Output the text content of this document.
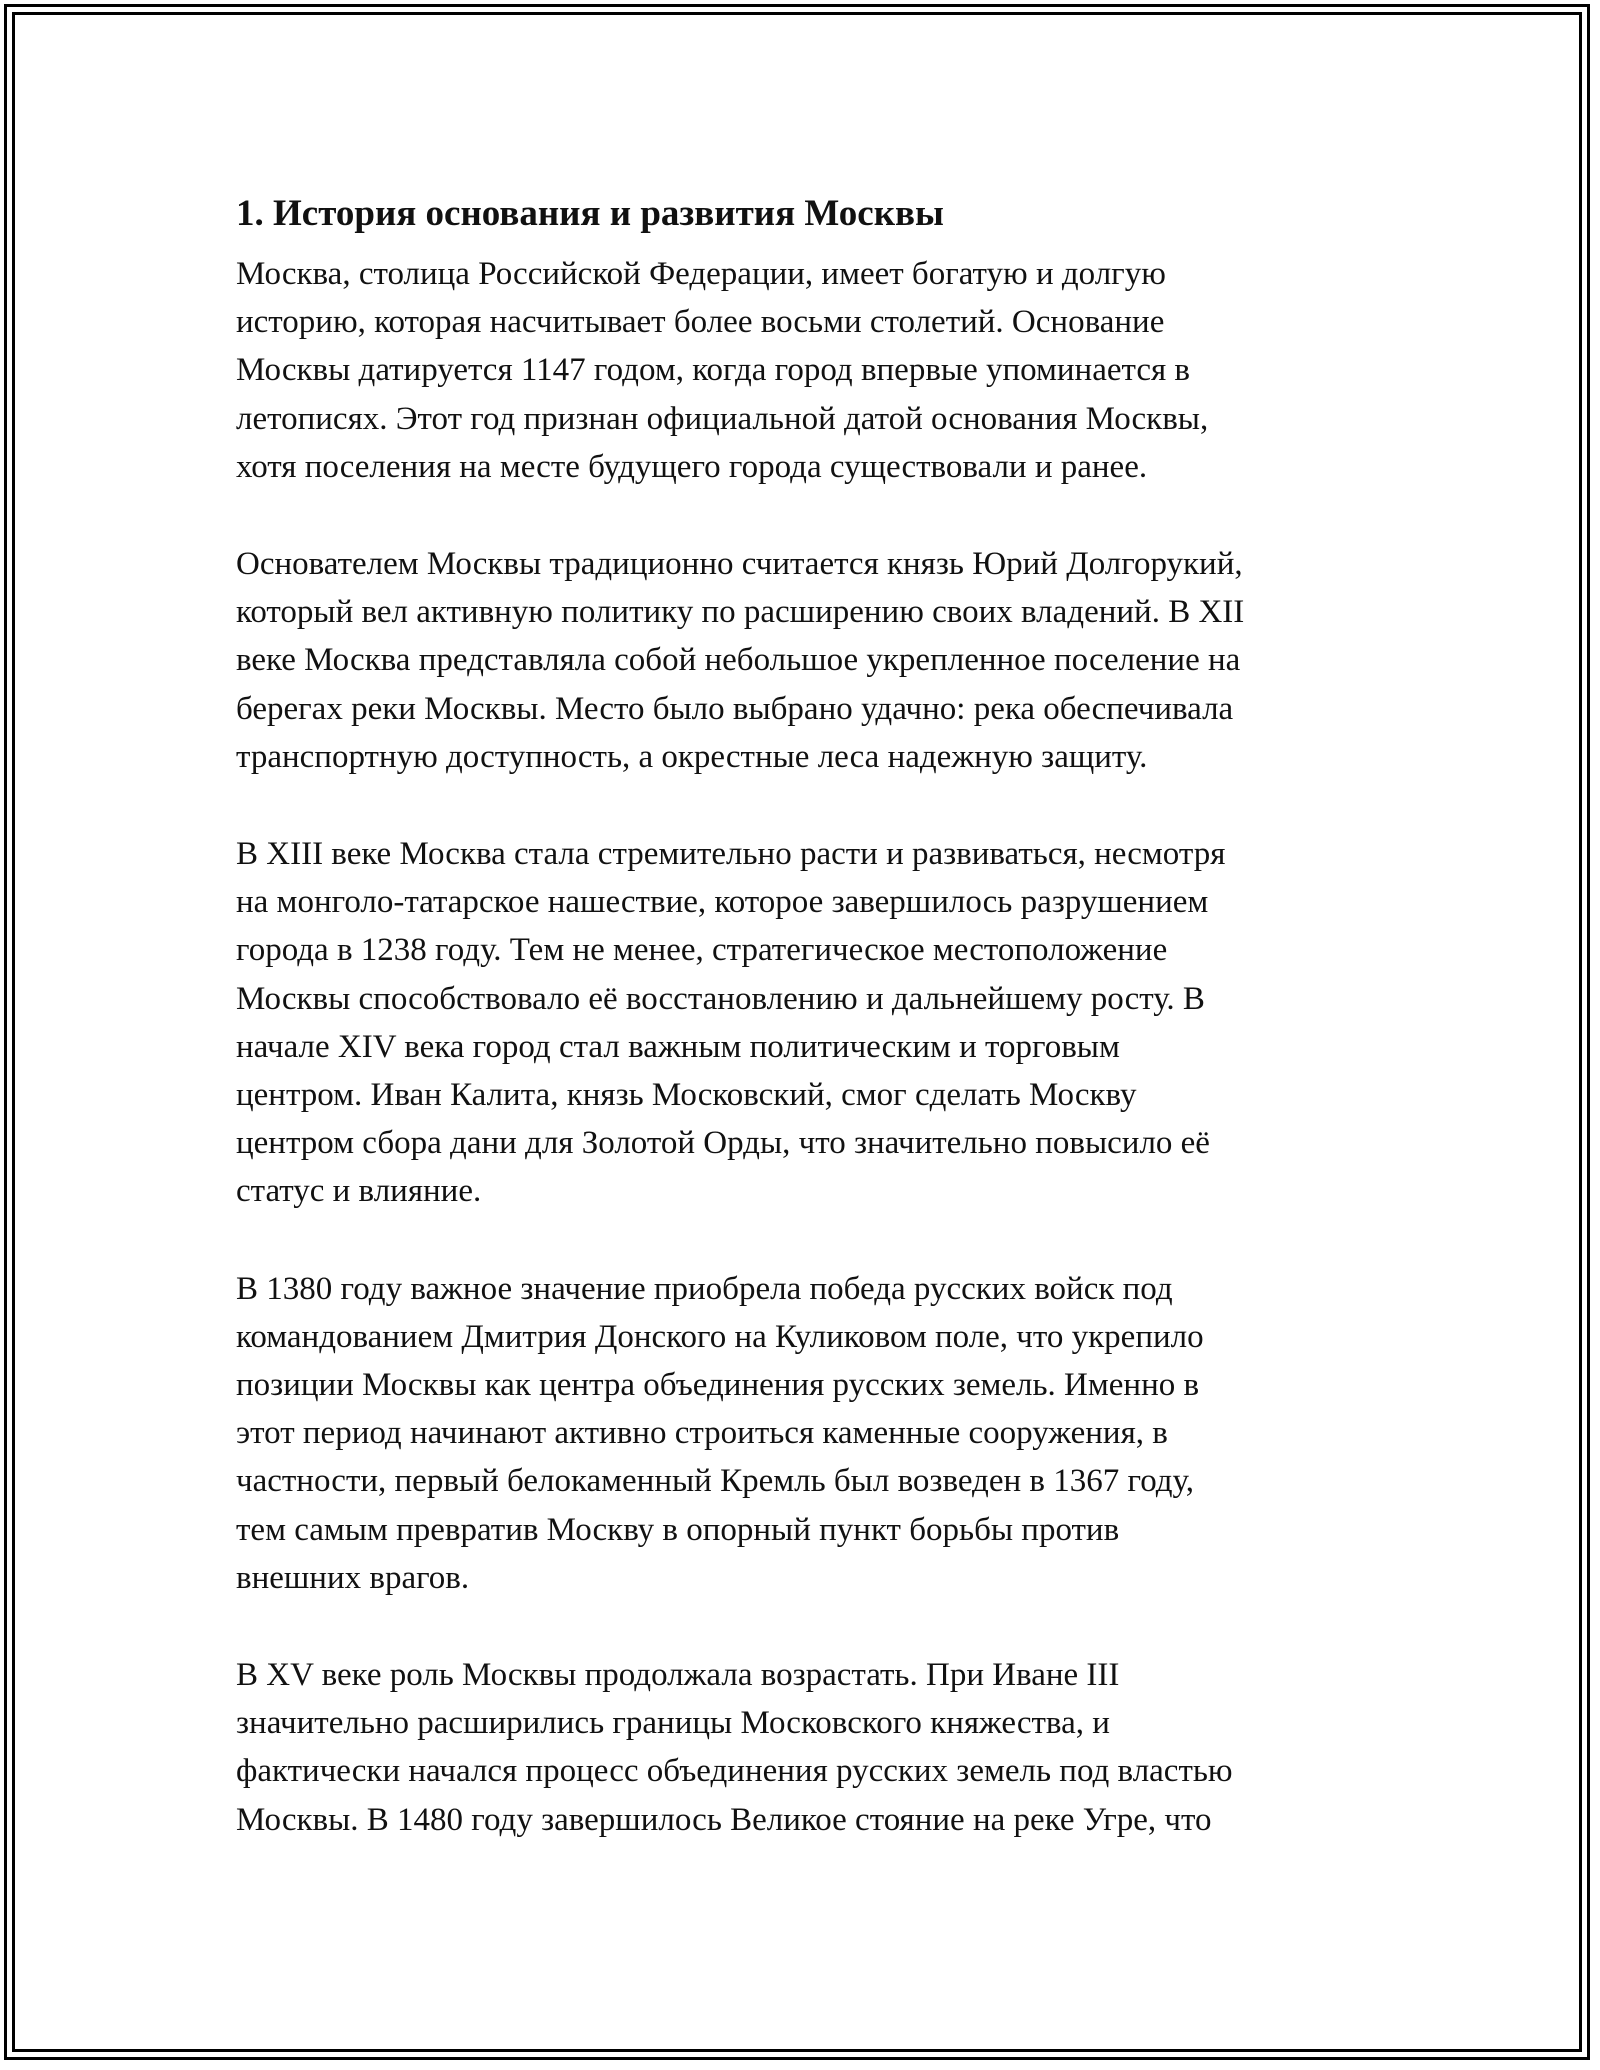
1. История основания и развития Москвы
Москва, столица Российской Федерации, имеет богатую и долгую
историю, которая насчитывает более восьми столетий. Основание
Москвы датируется 1147 годом, когда город впервые упоминается в
летописях. Этот год признан официальной датой основания Москвы,
хотя поселения на месте будущего города существовали и ранее.
Основателем Москвы традиционно считается князь Юрий Долгорукий,
который вел активную политику по расширению своих владений. В XII
веке Москва представляла собой небольшое укрепленное поселение на
берегах реки Москвы. Место было выбрано удачно: река обеспечивала
транспортную доступность, а окрестные леса надежную защиту.
В XIII веке Москва стала стремительно расти и развиваться, несмотря
на монголо-татарское нашествие, которое завершилось разрушением
города в 1238 году. Тем не менее, стратегическое местоположение
Москвы способствовало её восстановлению и дальнейшему росту. В
начале XIV века город стал важным политическим и торговым
центром. Иван Калита, князь Московский, смог сделать Москву
центром сбора дани для Золотой Орды, что значительно повысило её
статус и влияние.
В 1380 году важное значение приобрела победа русских войск под
командованием Дмитрия Донского на Куликовом поле, что укрепило
позиции Москвы как центра объединения русских земель. Именно в
этот период начинают активно строиться каменные сооружения, в
частности, первый белокаменный Кремль был возведен в 1367 году,
тем самым превратив Москву в опорный пункт борьбы против
внешних врагов.
В XV веке роль Москвы продолжала возрастать. При Иване III
значительно расширились границы Московского княжества, и
фактически начался процесс объединения русских земель под властью
Москвы. В 1480 году завершилось Великое стояние на реке Угре, что
